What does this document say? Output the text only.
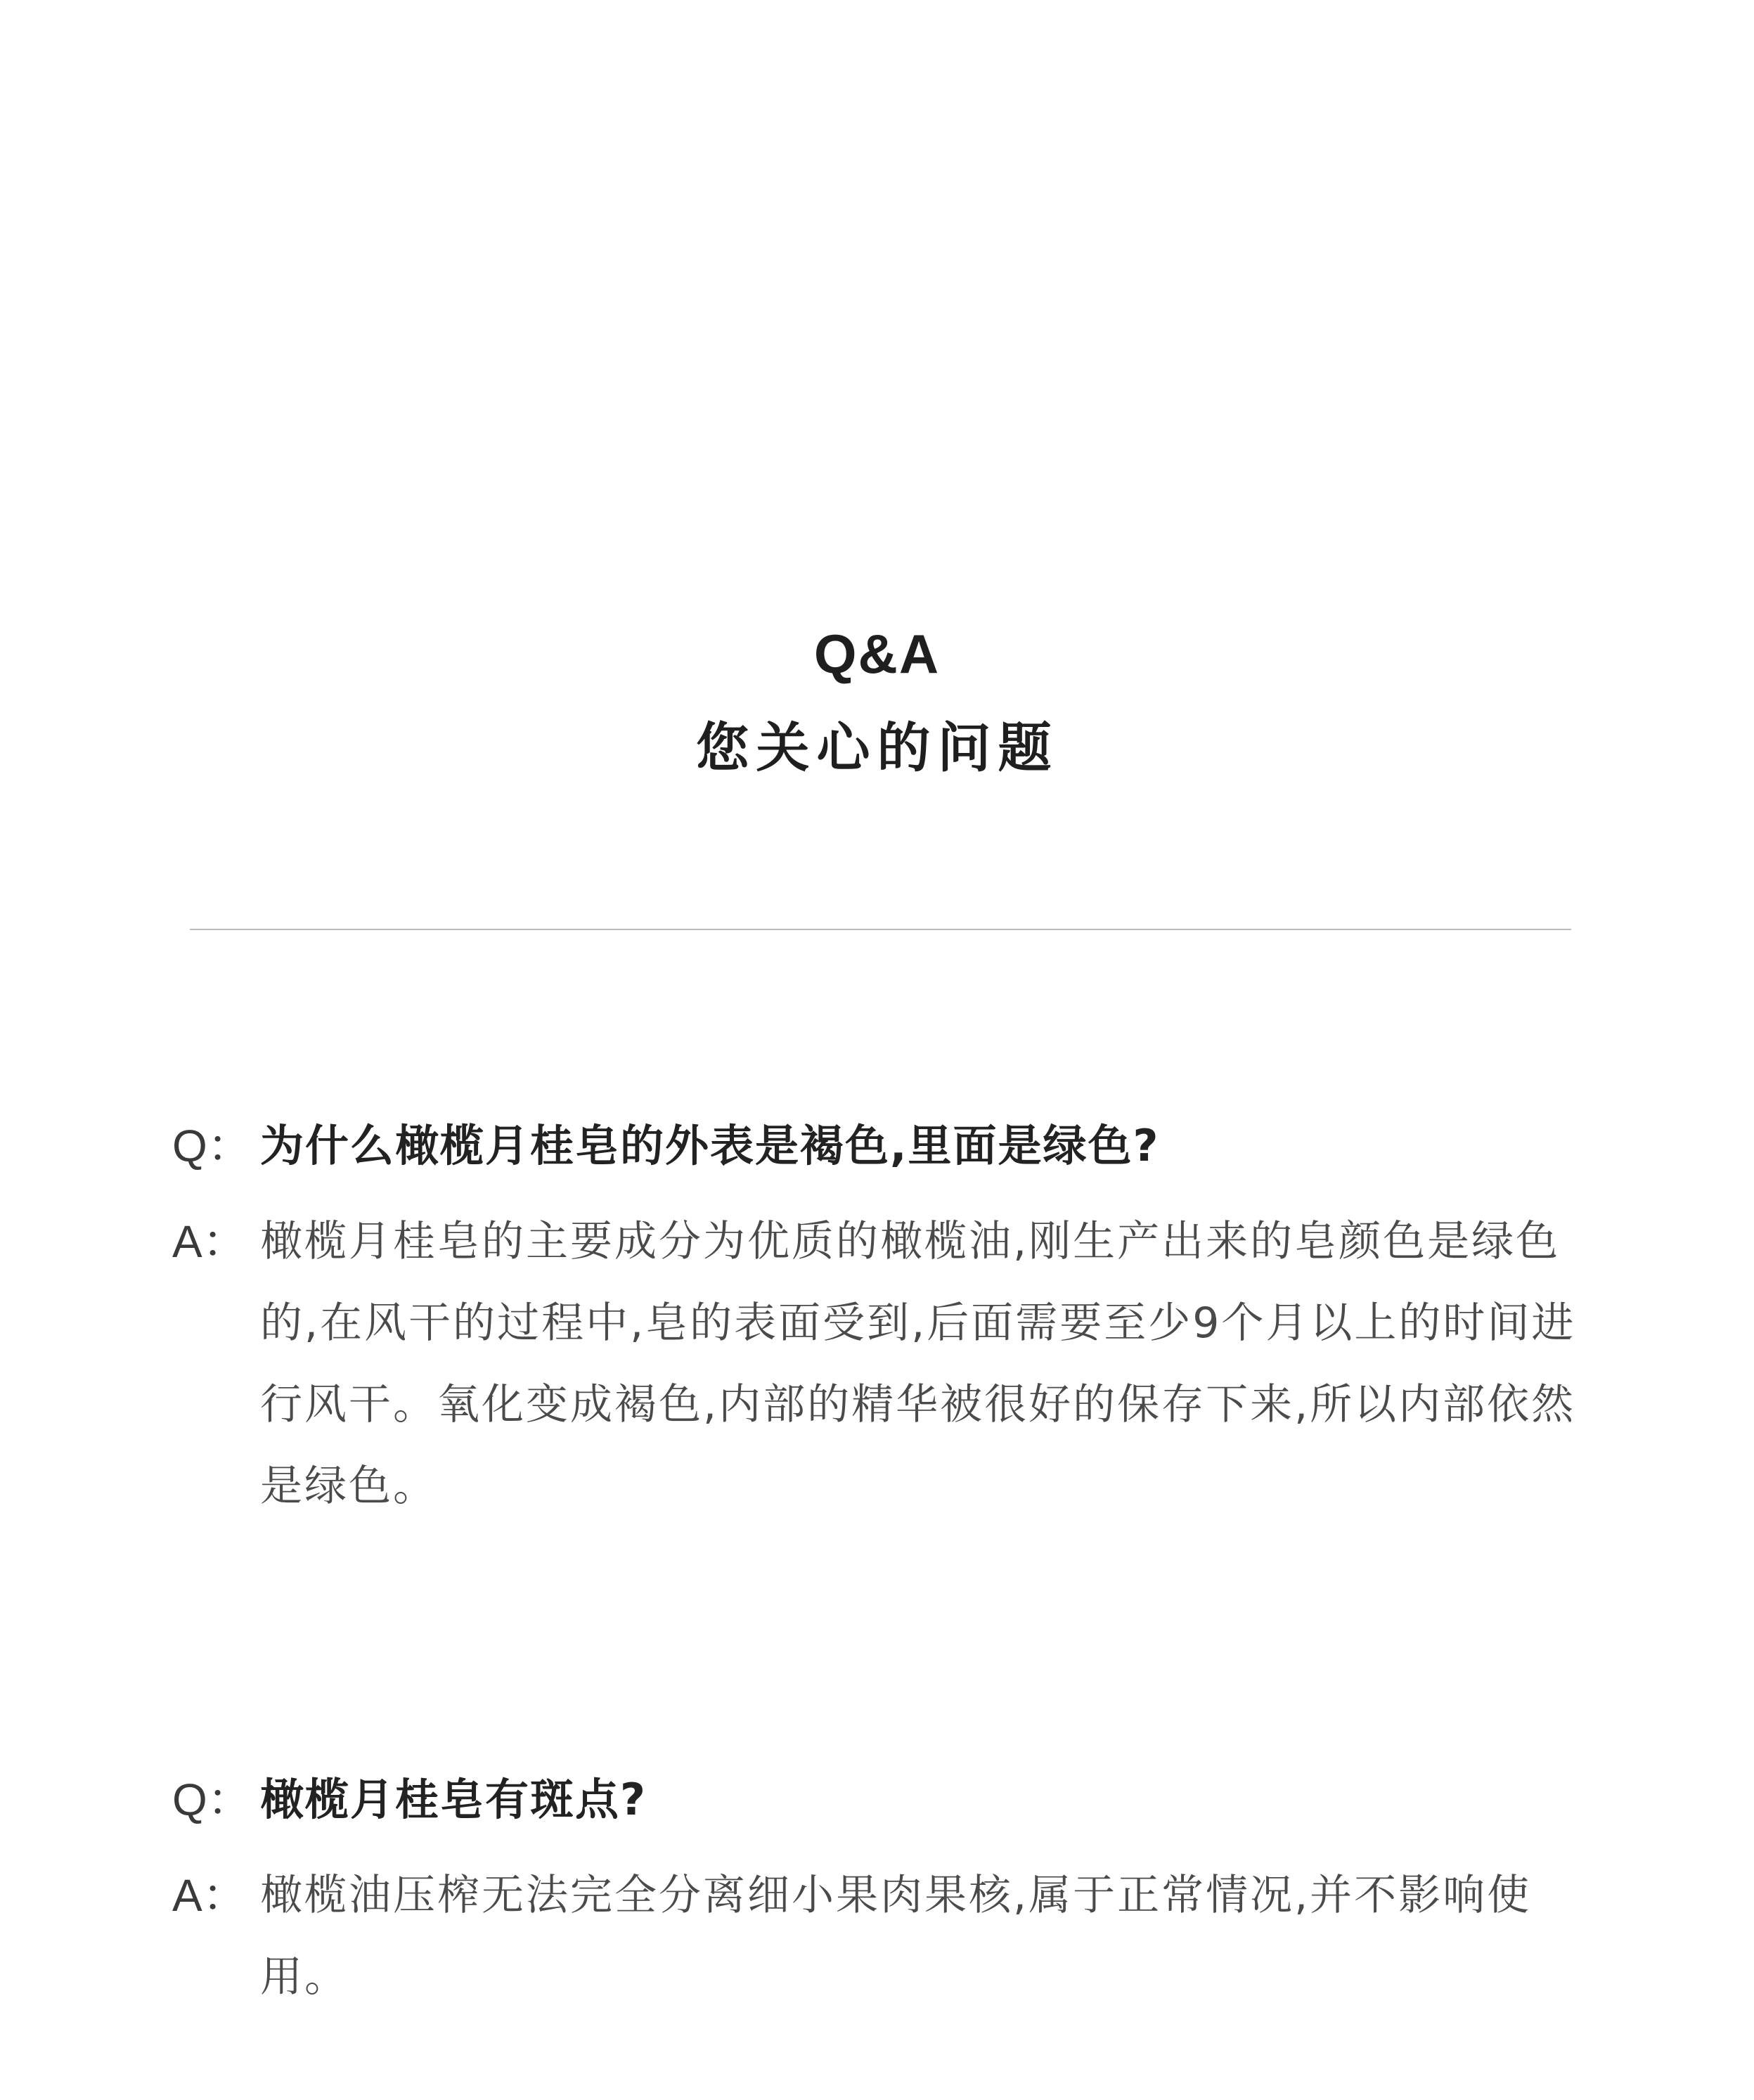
Q&A
您关心的问题
Q： 为什么橄榄月桂皂的外表是褐色,里面是绿色?
A： 橄榄月桂皂的主要成分为优质的橄榄油,刚生产出来的皂颜色是绿色的,在风干的过程中,皂的表面受到,后面需要至少9个月以上的时间进行风干。氧化变成褐色,内部的精华被很好的保存下来,所以内部依然是绿色。
Q： 橄榄月桂皂有斑点?
A： 橄榄油压榨无法完全分离细小果肉果核,属于正常情况,并不影响使用。
